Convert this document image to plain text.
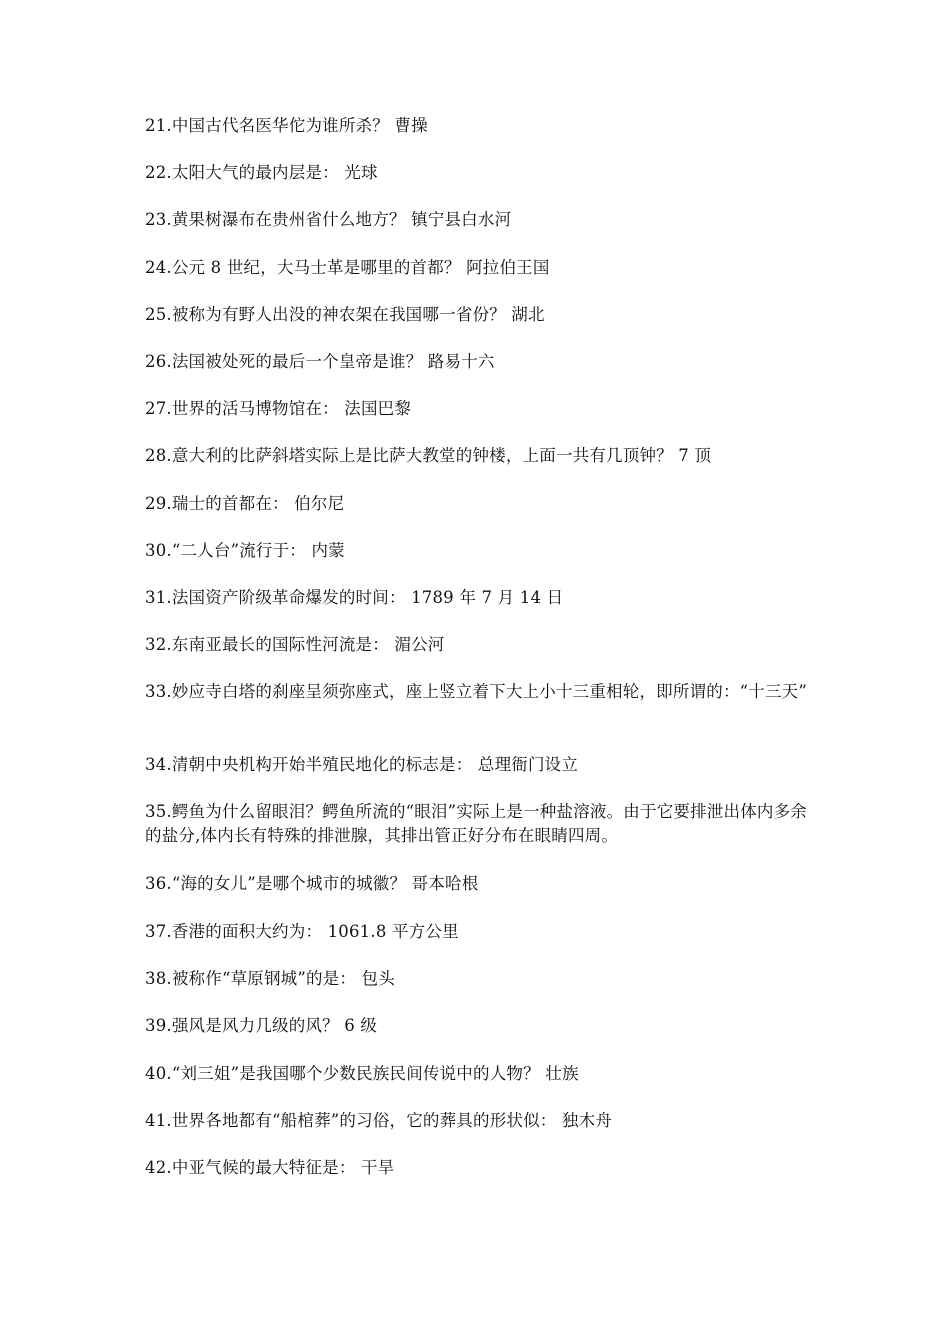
21.中国古代名医华佗为谁所杀？ 曹操
22.太阳大气的最内层是： 光球
23.黄果树瀑布在贵州省什么地方？ 镇宁县白水河
24.公元 8 世纪，大马士革是哪里的首都？ 阿拉伯王国
25.被称为有野人出没的神农架在我国哪一省份？ 湖北
26.法国被处死的最后一个皇帝是谁？ 路易十六
27.世界的活马博物馆在： 法国巴黎
28.意大利的比萨斜塔实际上是比萨大教堂的钟楼，上面一共有几顶钟？ 7 顶
29.瑞士的首都在： 伯尔尼
30.“二人台”流行于： 内蒙
31.法国资产阶级革命爆发的时间： 1789 年 7 月 14 日
32.东南亚最长的国际性河流是： 湄公河
33.妙应寺白塔的刹座呈须弥座式，座上竖立着下大上小十三重相轮，即所谓的：“十三天”
34.清朝中央机构开始半殖民地化的标志是： 总理衙门设立
35.鳄鱼为什么留眼泪？鳄鱼所流的“眼泪”实际上是一种盐溶液。由于它要排泄出体内多余的盐分,体内长有特殊的排泄腺，其排出管正好分布在眼睛四周。
36.“海的女儿”是哪个城市的城徽？ 哥本哈根
37.香港的面积大约为： 1061.8 平方公里
38.被称作“草原钢城”的是： 包头
39.强风是风力几级的风？ 6 级
40.“刘三姐”是我国哪个少数民族民间传说中的人物？ 壮族
41.世界各地都有“船棺葬”的习俗，它的葬具的形状似： 独木舟
42.中亚气候的最大特征是： 干旱
